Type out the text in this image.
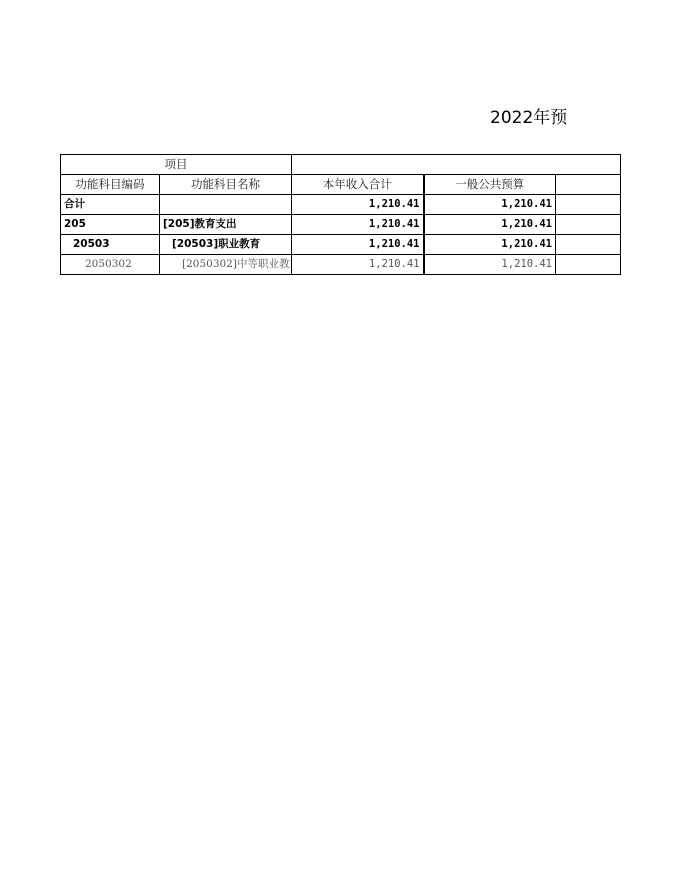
2022年预
项目				
功能科目编码	功能科目名称	本年收入合计	一般公共预算	
合计		1,210.41	1,210.41	
205	[205]教育支出	1,210.41	1,210.41	
20503	[20503]职业教育	1,210.41	1,210.41	
2050302	[2050302]中等职业教	1,210.41	1,210.41	
